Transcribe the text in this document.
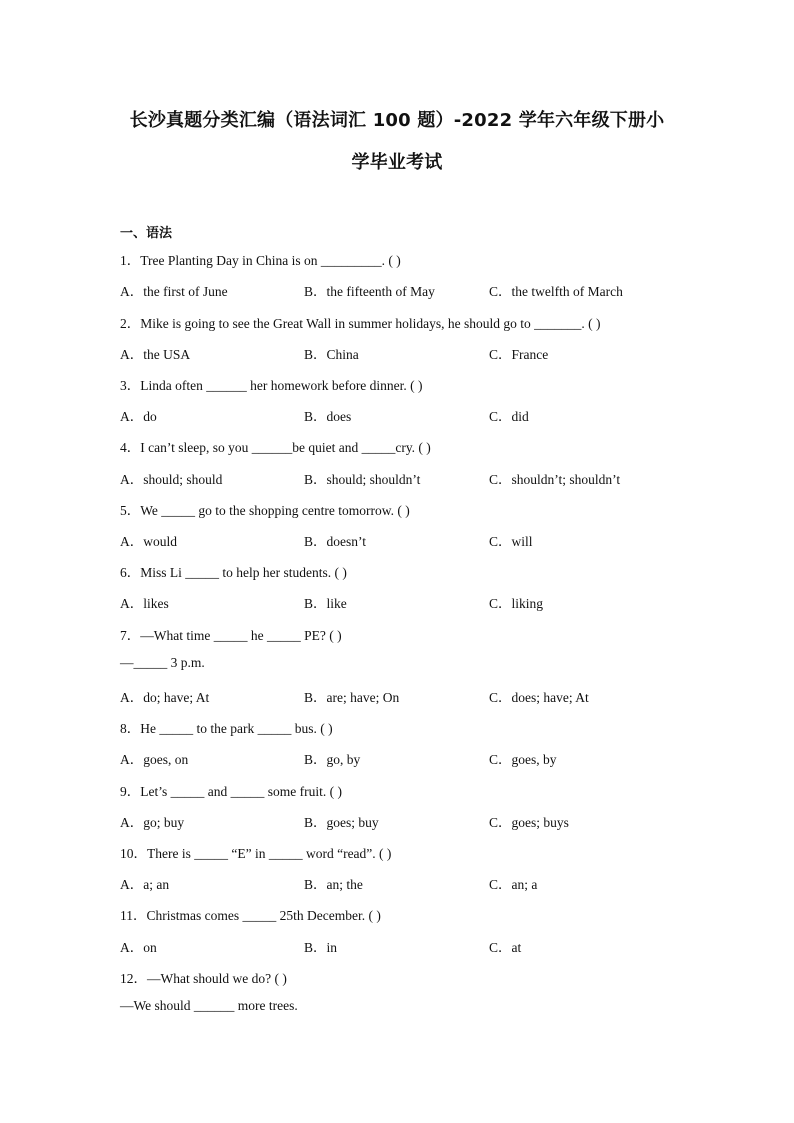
长沙真题分类汇编（语法词汇 100 题）-2022 学年六年级下册小
学毕业考试
一、语法
1．Tree Planting Day in China is on _________. ( )
A．the first of June	B．the fifteenth of May	C．the twelfth of March
2．Mike is going to see the Great Wall in summer holidays, he should go to _______. ( )
A．the USA	B．China	C．France
3．Linda often ______ her homework before dinner. ( )
A．do	B．does	C．did
4．I can’t sleep, so you ______be quiet and _____cry. ( )
A．should; should	B．should; shouldn’t	C．shouldn’t; shouldn’t
5．We _____ go to the shopping centre tomorrow. ( )
A．would	B．doesn’t	C．will
6．Miss Li _____ to help her students. ( )
A．likes	B．like	C．liking
7．—What time _____ he _____ PE? ( )
—_____ 3 p.m.
A．do; have; At	B．are; have; On	C．does; have; At
8．He _____ to the park _____ bus. ( )
A．goes, on	B．go, by	C．goes, by
9．Let’s _____ and _____ some fruit. ( )
A．go; buy	B．goes; buy	C．goes; buys
10．There is _____ “E” in _____ word “read”. ( )
A．a; an	B．an; the	C．an; a
11．Christmas comes _____ 25th December. ( )
A．on	B．in	C．at
12．—What should we do? ( )
—We should ______ more trees.
